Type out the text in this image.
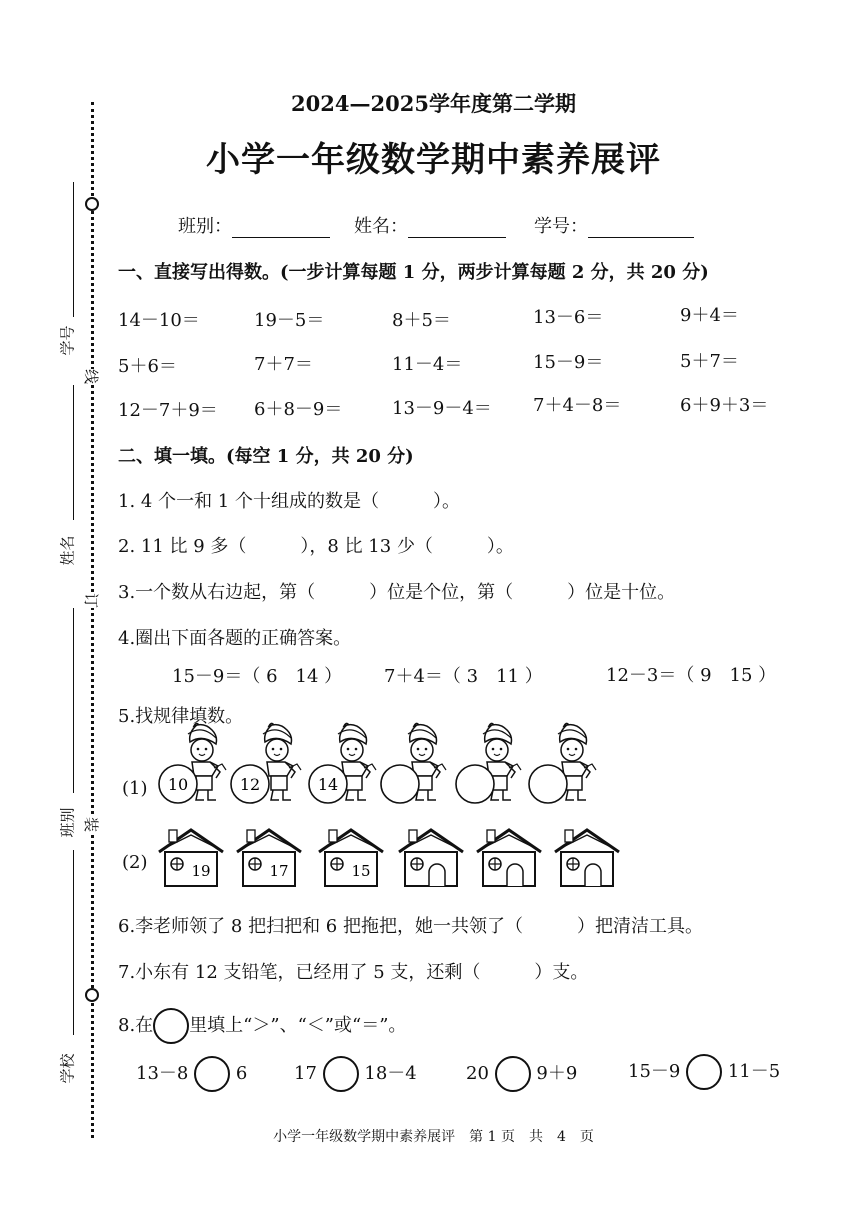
学号
姓名
班别
学校
线
订
装
2024—2025学年度第二学期
小学一年级数学期中素养展评
班别：	姓名：	学号：
一、直接写出得数。(一步计算每题 1 分，两步计算每题 2 分，共 20 分)
14－10＝	19－5＝	8＋5＝	13－6＝	9＋4＝
5＋6＝	7＋7＝	11－4＝	15－9＝	5＋7＝
12－7＋9＝ 6＋8－9＝	13－9－4＝ 7＋4－8＝	6＋9＋3＝
二、填一填。(每空 1 分，共 20 分)
1. 4 个一和 1 个十组成的数是（　　　）。
2. 11 比 9 多（　　　），8 比 13 少（　　　）。
3.一个数从右边起，第（　　　）位是个位，第（　　　）位是十位。
4.圈出下面各题的正确答案。
15－9＝（ 6　14 ） 7＋4＝（ 3　11 ）	12－3＝（ 9　15 ）
5.找规律填数。
(1) 10	12	14
(2)	19	17	15
6.李老师领了 8 把扫把和 6 把拖把，她一共领了（　　　）把清洁工具。
7.小东有 12 支铅笔，已经用了 5 支，还剩（　　　）支。
8.在 里填上“＞”、“＜”或“＝”。
13－8	6	17	18－4	20	9＋9	15－9	11－5
小学一年级数学期中素养展评　第 1 页　共　4　页
